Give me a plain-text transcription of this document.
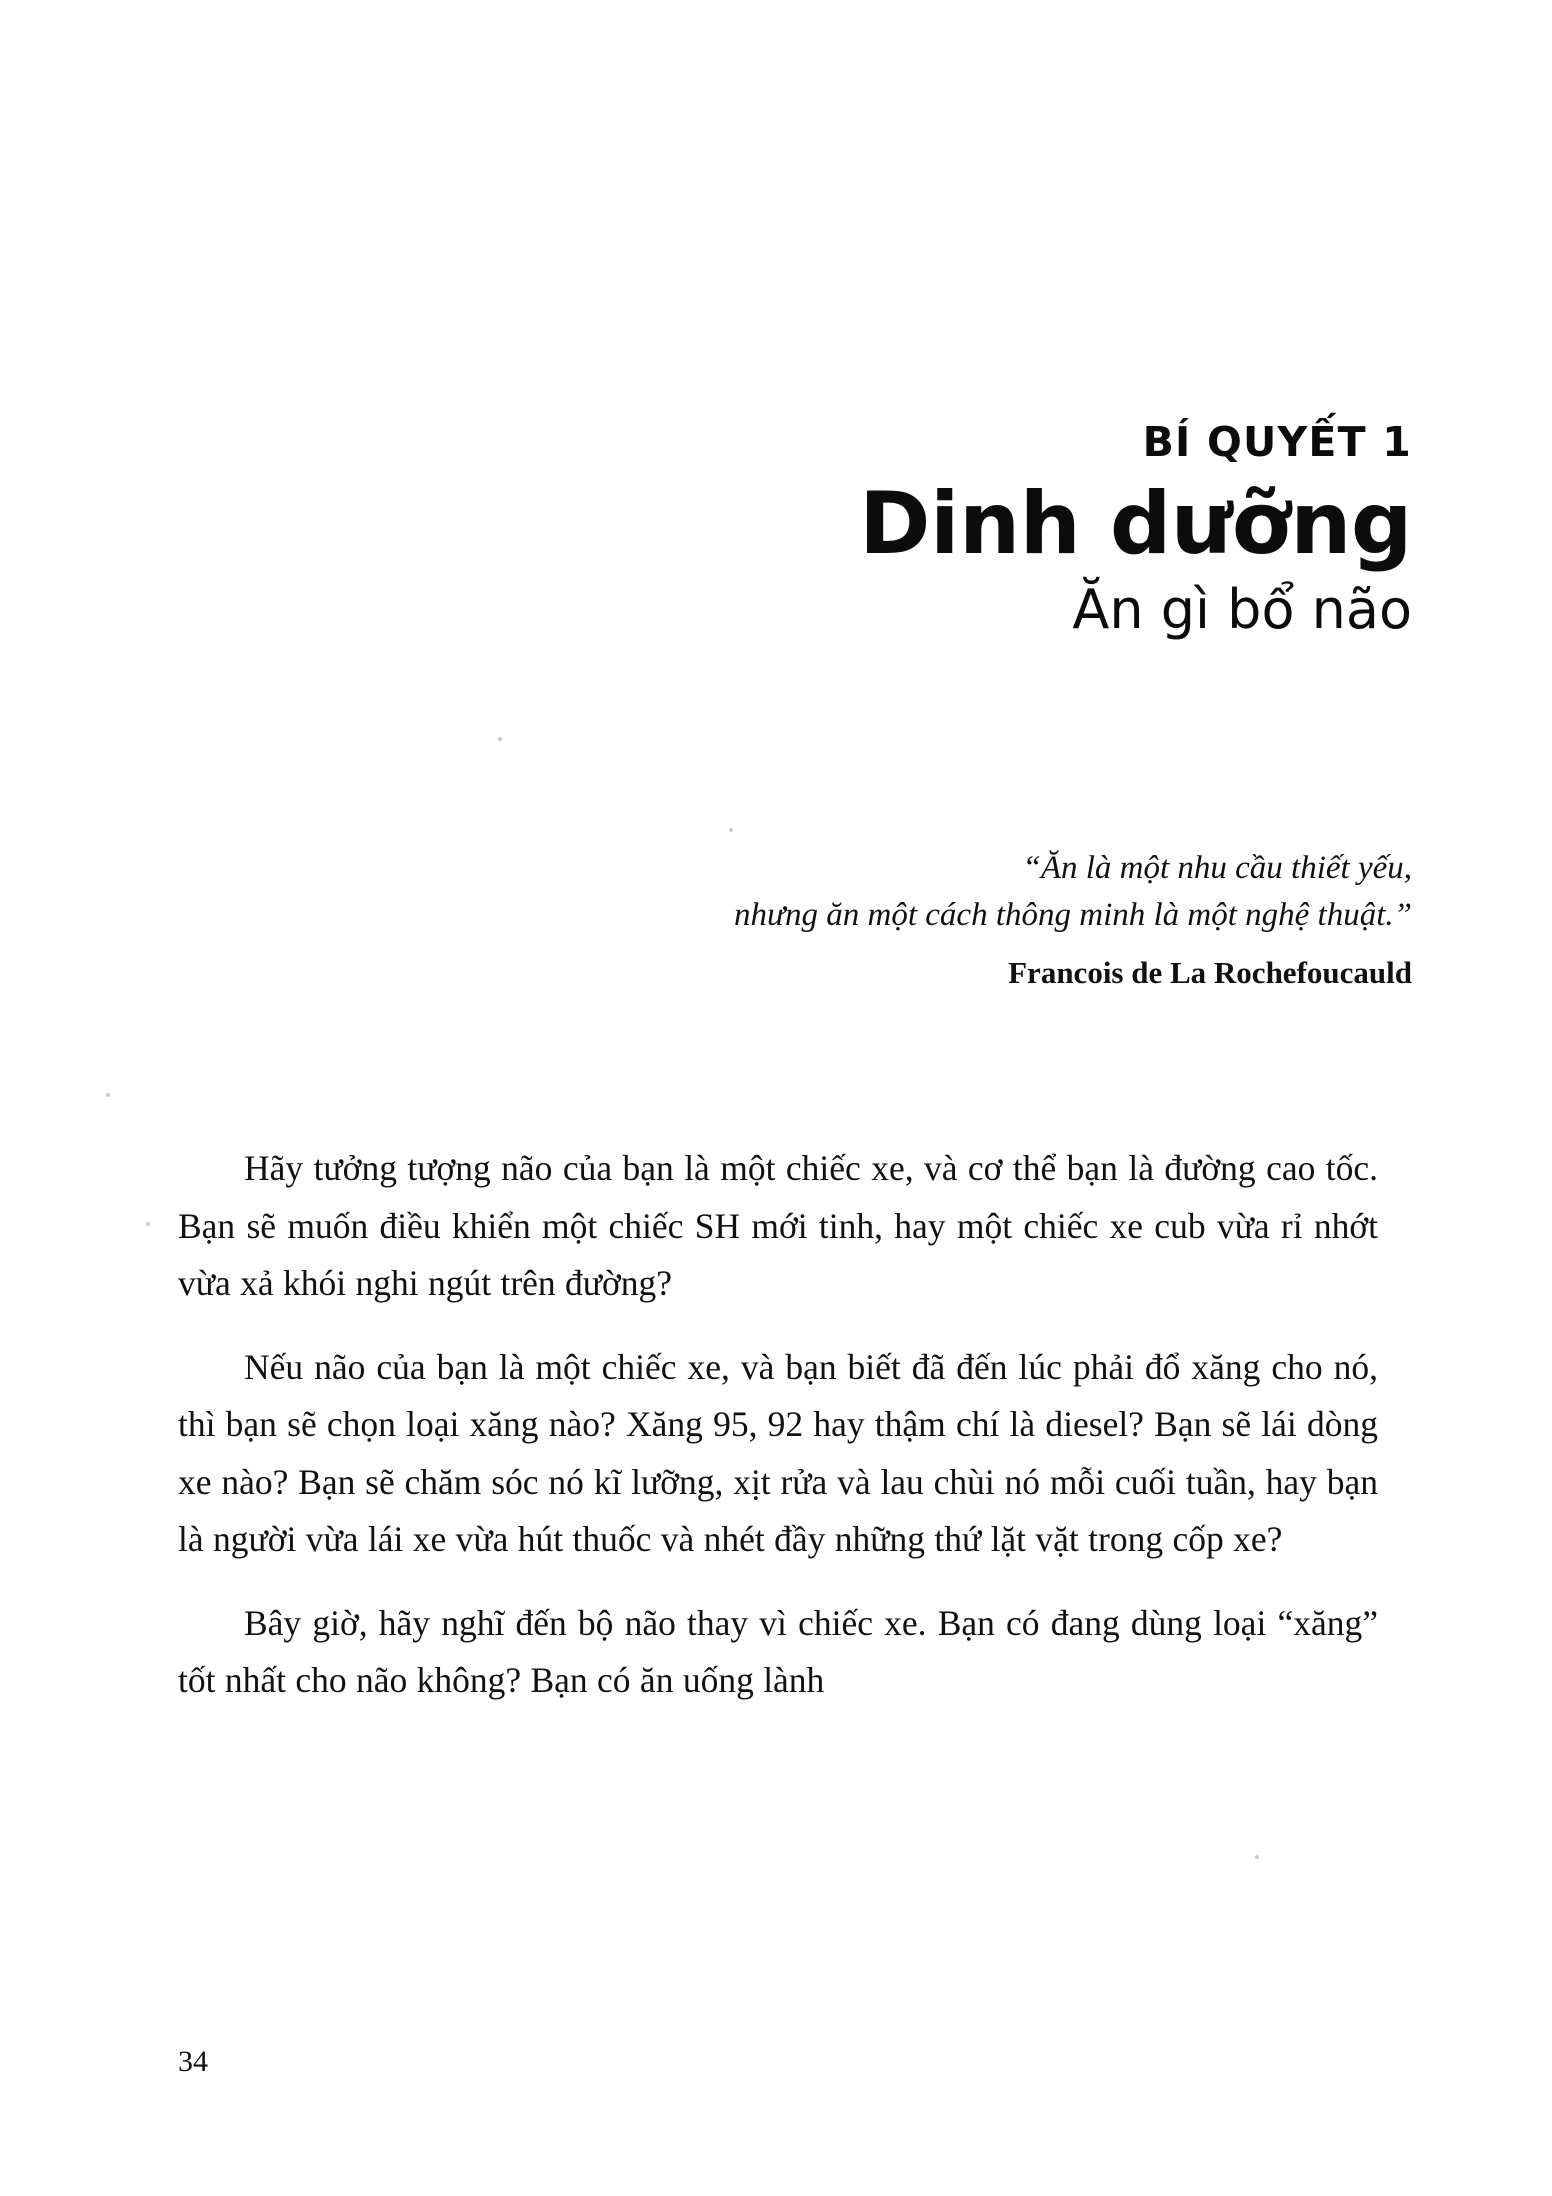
BÍ QUYẾT 1
Dinh dưỡng
Ăn gì bổ não
“Ăn là một nhu cầu thiết yếu,
nhưng ăn một cách thông minh là một nghệ thuật.”
Francois de La Rochefoucauld

Hãy tưởng tượng não của bạn là một chiếc xe, và cơ thể bạn là đường cao tốc. Bạn sẽ muốn điều khiển một chiếc SH mới tinh, hay một chiếc xe cub vừa rỉ nhớt vừa xả khói nghi ngút trên đường?

Nếu não của bạn là một chiếc xe, và bạn biết đã đến lúc phải đổ xăng cho nó, thì bạn sẽ chọn loại xăng nào? Xăng 95, 92 hay thậm chí là diesel? Bạn sẽ lái dòng xe nào? Bạn sẽ chăm sóc nó kĩ lưỡng, xịt rửa và lau chùi nó mỗi cuối tuần, hay bạn là người vừa lái xe vừa hút thuốc và nhét đầy những thứ lặt vặt trong cốp xe?

Bây giờ, hãy nghĩ đến bộ não thay vì chiếc xe. Bạn có đang dùng loại “xăng” tốt nhất cho não không? Bạn có ăn uống lành

34
